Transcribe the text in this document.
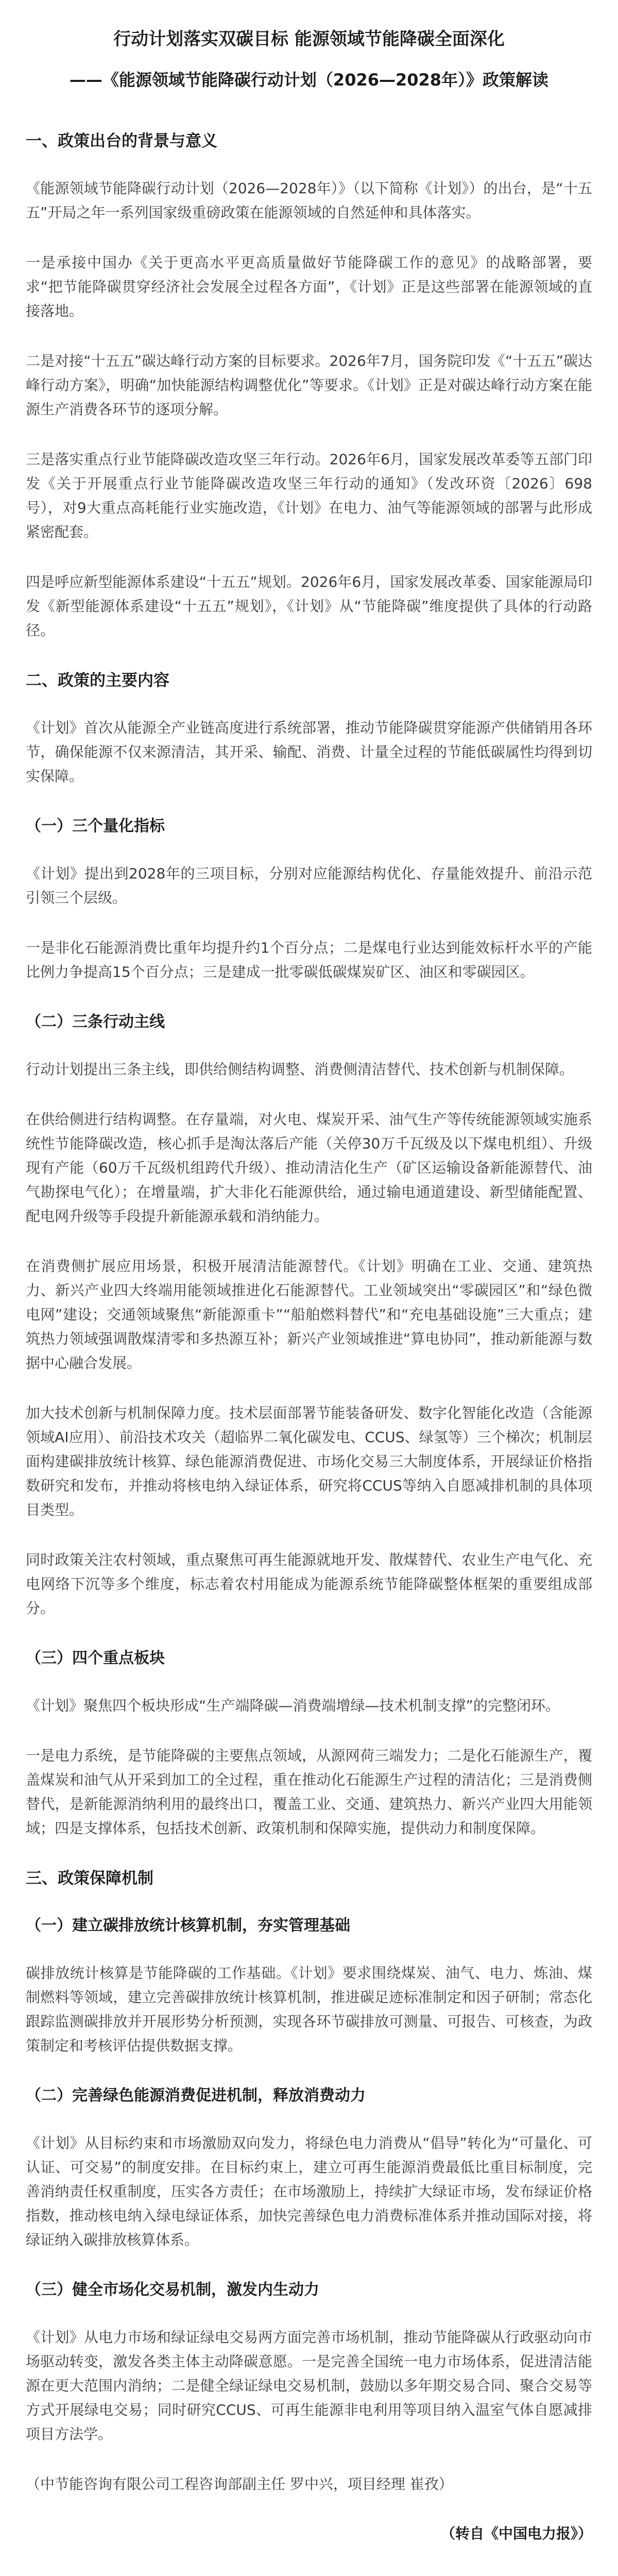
行动计划落实双碳目标 能源领域节能降碳全面深化
——《能源领域节能降碳行动计划（2026—2028年）》政策解读
一、政策出台的背景与意义

《能源领域节能降碳行动计划（2026—2028年）》（以下简称《计划》）的出台，是“十五五”开局之年一系列国家级重磅政策在能源领域的自然延伸和具体落实。

一是承接中国办《关于更高水平更高质量做好节能降碳工作的意见》的战略部署，要求“把节能降碳贯穿经济社会发展全过程各方面”，《计划》正是这些部署在能源领域的直接落地。

二是对接“十五五”碳达峰行动方案的目标要求。2026年7月，国务院印发《“十五五”碳达峰行动方案》，明确“加快能源结构调整优化”等要求。《计划》正是对碳达峰行动方案在能源生产消费各环节的逐项分解。

三是落实重点行业节能降碳改造攻坚三年行动。2026年6月，国家发展改革委等五部门印发《关于开展重点行业节能降碳改造攻坚三年行动的通知》（发改环资〔2026〕698号），对9大重点高耗能行业实施改造，《计划》在电力、油气等能源领域的部署与此形成紧密配套。

四是呼应新型能源体系建设“十五五”规划。2026年6月，国家发展改革委、国家能源局印发《新型能源体系建设“十五五”规划》，《计划》从“节能降碳”维度提供了具体的行动路径。

二、政策的主要内容

《计划》首次从能源全产业链高度进行系统部署，推动节能降碳贯穿能源产供储销用各环节，确保能源不仅来源清洁，其开采、输配、消费、计量全过程的节能低碳属性均得到切实保障。

（一）三个量化指标

《计划》提出到2028年的三项目标，分别对应能源结构优化、存量能效提升、前沿示范引领三个层级。

一是非化石能源消费比重年均提升约1个百分点；二是煤电行业达到能效标杆水平的产能比例力争提高15个百分点；三是建成一批零碳低碳煤炭矿区、油区和零碳园区。

（二）三条行动主线

行动计划提出三条主线，即供给侧结构调整、消费侧清洁替代、技术创新与机制保障。

在供给侧进行结构调整。在存量端，对火电、煤炭开采、油气生产等传统能源领域实施系统性节能降碳改造，核心抓手是淘汰落后产能（关停30万千瓦级及以下煤电机组）、升级现有产能（60万千瓦级机组跨代升级）、推动清洁化生产（矿区运输设备新能源替代、油气勘探电气化）；在增量端，扩大非化石能源供给，通过输电通道建设、新型储能配置、配电网升级等手段提升新能源承载和消纳能力。

在消费侧扩展应用场景，积极开展清洁能源替代。《计划》明确在工业、交通、建筑热力、新兴产业四大终端用能领域推进化石能源替代。工业领域突出“零碳园区”和“绿色微电网”建设；交通领域聚焦“新能源重卡”“船舶燃料替代”和“充电基础设施”三大重点；建筑热力领域强调散煤清零和多热源互补；新兴产业领域推进“算电协同”，推动新能源与数据中心融合发展。

加大技术创新与机制保障力度。技术层面部署节能装备研发、数字化智能化改造（含能源领域AI应用）、前沿技术攻关（超临界二氧化碳发电、CCUS、绿氢等）三个梯次；机制层面构建碳排放统计核算、绿色能源消费促进、市场化交易三大制度体系，开展绿证价格指数研究和发布，并推动将核电纳入绿证体系，研究将CCUS等纳入自愿减排机制的具体项目类型。

同时政策关注农村领域，重点聚焦可再生能源就地开发、散煤替代、农业生产电气化、充电网络下沉等多个维度，标志着农村用能成为能源系统节能降碳整体框架的重要组成部分。

（三）四个重点板块

《计划》聚焦四个板块形成“生产端降碳—消费端增绿—技术机制支撑”的完整闭环。

一是电力系统，是节能降碳的主要焦点领域，从源网荷三端发力；二是化石能源生产，覆盖煤炭和油气从开采到加工的全过程，重在推动化石能源生产过程的清洁化；三是消费侧替代，是新能源消纳利用的最终出口，覆盖工业、交通、建筑热力、新兴产业四大用能领域；四是支撑体系，包括技术创新、政策机制和保障实施，提供动力和制度保障。

三、政策保障机制
（一）建立碳排放统计核算机制，夯实管理基础

碳排放统计核算是节能降碳的工作基础。《计划》要求围绕煤炭、油气、电力、炼油、煤制燃料等领域，建立完善碳排放统计核算机制，推进碳足迹标准制定和因子研制；常态化跟踪监测碳排放并开展形势分析预测，实现各环节碳排放可测量、可报告、可核查，为政策制定和考核评估提供数据支撑。

（二）完善绿色能源消费促进机制，释放消费动力

《计划》从目标约束和市场激励双向发力，将绿色电力消费从“倡导”转化为“可量化、可认证、可交易”的制度安排。在目标约束上，建立可再生能源消费最低比重目标制度，完善消纳责任权重制度，压实各方责任；在市场激励上，持续扩大绿证市场，发布绿证价格指数，推动核电纳入绿电绿证体系，加快完善绿色电力消费标准体系并推动国际对接，将绿证纳入碳排放核算体系。

（三）健全市场化交易机制，激发内生动力

《计划》从电力市场和绿证绿电交易两方面完善市场机制，推动节能降碳从行政驱动向市场驱动转变，激发各类主体主动降碳意愿。一是完善全国统一电力市场体系，促进清洁能源在更大范围内消纳；二是健全绿证绿电交易机制，鼓励以多年期交易合同、聚合交易等方式开展绿电交易；同时研究CCUS、可再生能源非电利用等项目纳入温室气体自愿减排项目方法学。

（中节能咨询有限公司工程咨询部副主任 罗中兴，项目经理 崔孜）

（转自《中国电力报》）
